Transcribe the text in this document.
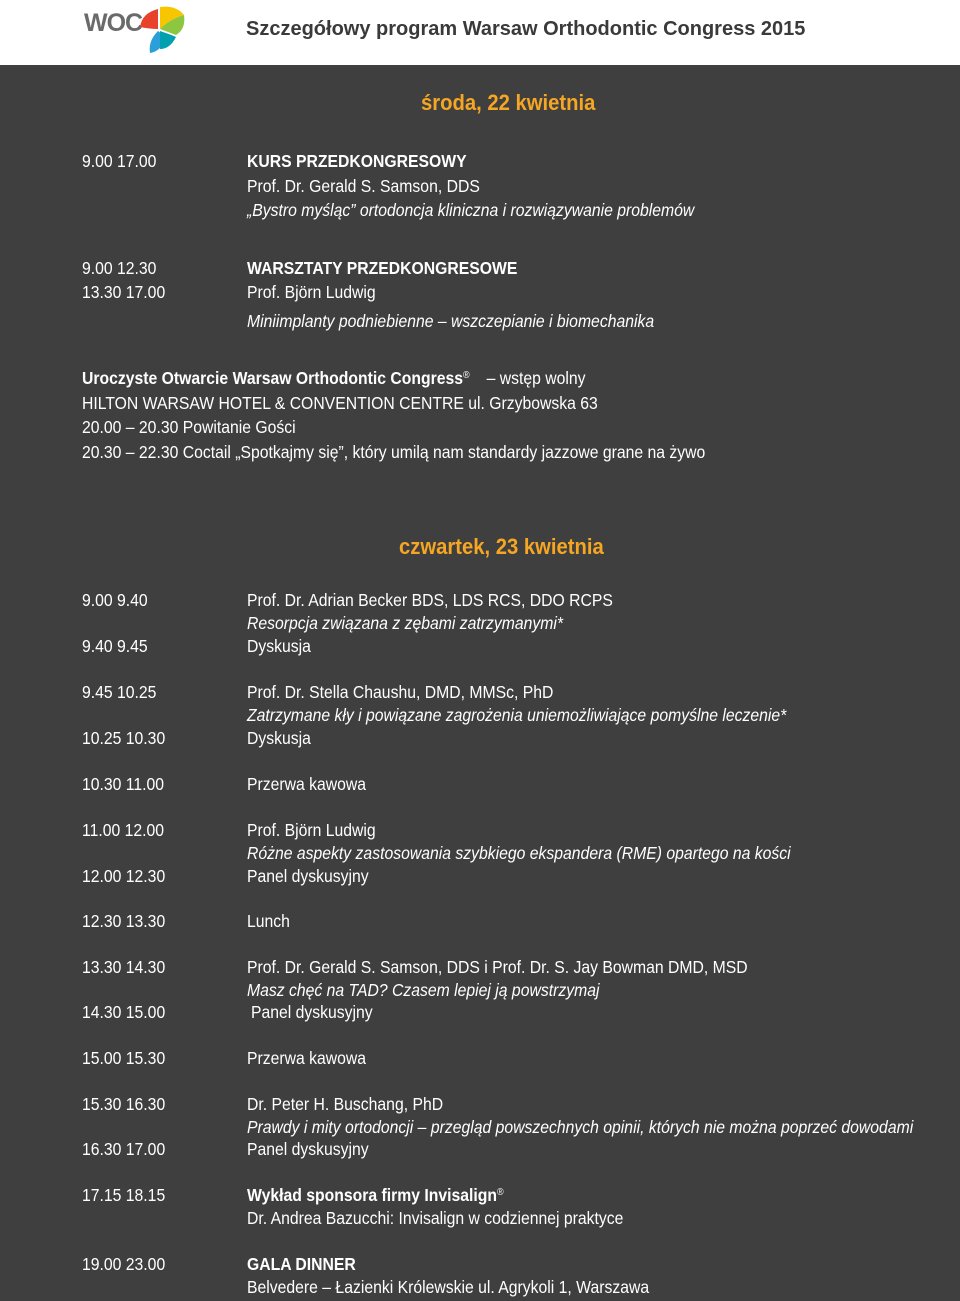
WOC	Szczegółowy program Warsaw Orthodontic Congress 2015
środa, 22 kwietnia
9.00 17.00	KURS PRZEDKONGRESOWY
Prof. Dr. Gerald S. Samson, DDS
„Bystro myśląc” ortodoncja kliniczna i rozwiązywanie problemów
9.00 12.30	WARSZTATY PRZEDKONGRESOWE
13.30 17.00	Prof. Björn Ludwig
Miniimplanty podniebienne – wszczepianie i biomechanika
Uroczyste Otwarcie Warsaw Orthodontic Congress® – wstęp wolny
HILTON WARSAW HOTEL & CONVENTION CENTRE ul. Grzybowska 63
20.00 – 20.30 Powitanie Gości
20.30 – 22.30 Coctail „Spotkajmy się”, który umilą nam standardy jazzowe grane na żywo
czwartek, 23 kwietnia
9.00 9.40	Prof. Dr. Adrian Becker BDS, LDS RCS, DDO RCPS
Resorpcja związana z zębami zatrzymanymi*
9.40 9.45	Dyskusja
9.45 10.25	Prof. Dr. Stella Chaushu, DMD, MMSc, PhD
Zatrzymane kły i powiązane zagrożenia uniemożliwiające pomyślne leczenie*
10.25 10.30	Dyskusja
10.30 11.00	Przerwa kawowa
11.00 12.00	Prof. Björn Ludwig
Różne aspekty zastosowania szybkiego ekspandera (RME) opartego na kości
12.00 12.30	Panel dyskusyjny
12.30 13.30	Lunch
13.30 14.30	Prof. Dr. Gerald S. Samson, DDS i Prof. Dr. S. Jay Bowman DMD, MSD
Masz chęć na TAD? Czasem lepiej ją powstrzymaj
14.30 15.00	Panel dyskusyjny
15.00 15.30	Przerwa kawowa
15.30 16.30	Dr. Peter H. Buschang, PhD
Prawdy i mity ortodoncji – przegląd powszechnych opinii, których nie można poprzeć dowodami
16.30 17.00	Panel dyskusyjny
17.15 18.15	Wykład sponsora firmy Invisalign®
Dr. Andrea Bazucchi: Invisalign w codziennej praktyce
19.00 23.00	GALA DINNER
Belvedere – Łazienki Królewskie ul. Agrykoli 1, Warszawa
